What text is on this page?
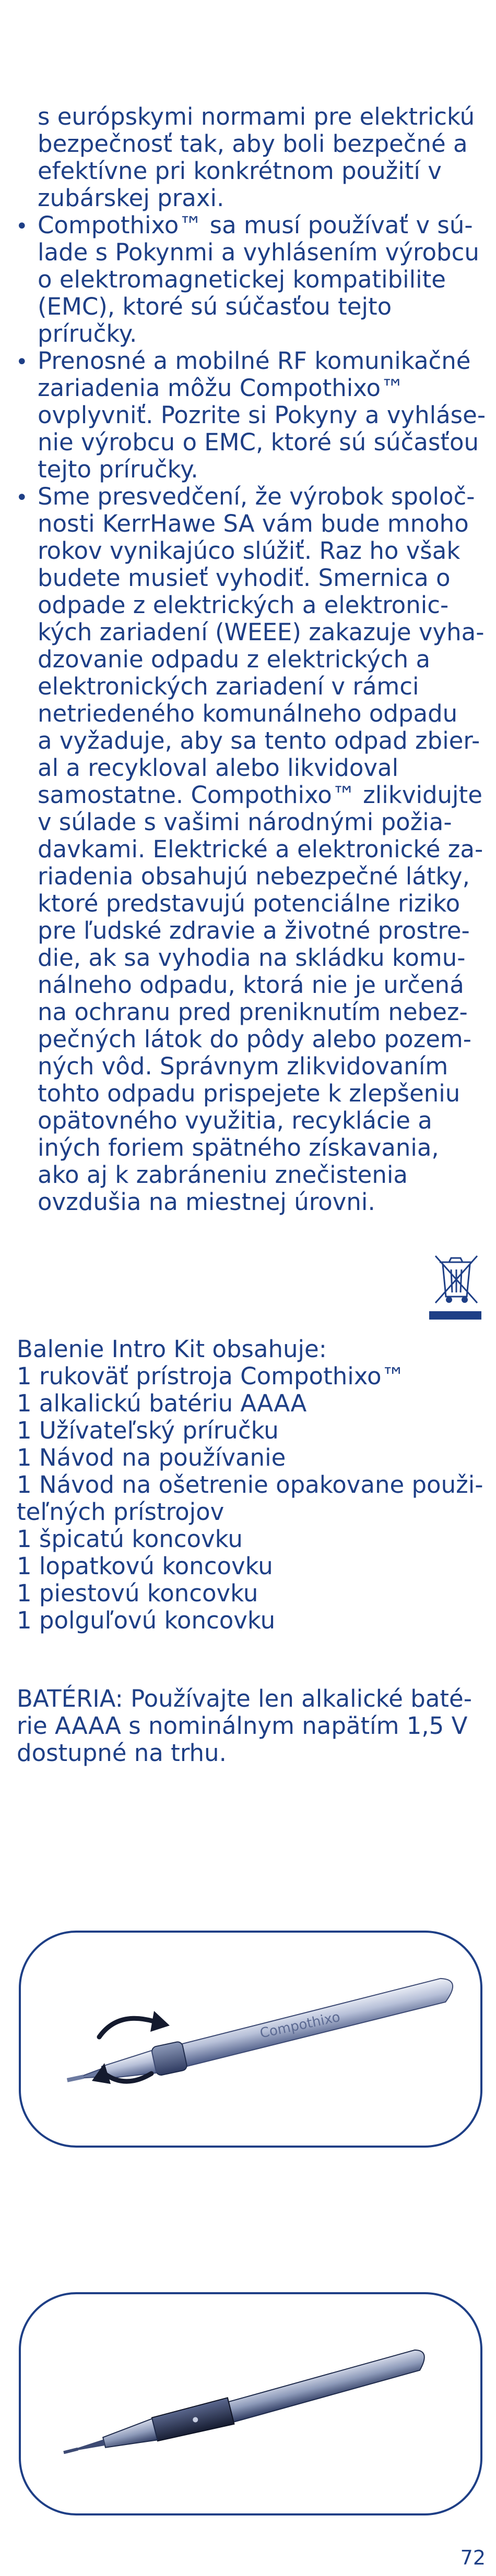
s európskymi normami pre elektrickú
bezpečnosť tak, aby boli bezpečné a
efektívne pri konkrétnom použití v
zubárskej praxi.
• Compothixo™ sa musí používať v sú-
lade s Pokynmi a vyhlásením výrobcu
o elektromagnetickej kompatibilite
(EMC), ktoré sú súčasťou tejto
príručky.
• Prenosné a mobilné RF komunikačné
zariadenia môžu Compothixo™
ovplyvniť. Pozrite si Pokyny a vyhláse-
nie výrobcu o EMC, ktoré sú súčasťou
tejto príručky.
• Sme presvedčení, že výrobok spoloč-
nosti KerrHawe SA vám bude mnoho
rokov vynikajúco slúžiť. Raz ho však
budete musieť vyhodiť. Smernica o
odpade z elektrických a elektronic-
kých zariadení (WEEE) zakazuje vyha-
dzovanie odpadu z elektrických a
elektronických zariadení v rámci
netriedeného komunálneho odpadu
a vyžaduje, aby sa tento odpad zbier-
al a recykloval alebo likvidoval
samostatne. Compothixo™ zlikvidujte
v súlade s vašimi národnými požia-
davkami. Elektrické a elektronické za-
riadenia obsahujú nebezpečné látky,
ktoré predstavujú potenciálne riziko
pre ľudské zdravie a životné prostre-
die, ak sa vyhodia na skládku komu-
nálneho odpadu, ktorá nie je určená
na ochranu pred preniknutím nebez-
pečných látok do pôdy alebo pozem-
ných vôd. Správnym zlikvidovaním
tohto odpadu prispejete k zlepšeniu
opätovného využitia, recyklácie a
iných foriem spätného získavania,
ako aj k zabráneniu znečistenia
ovzdušia na miestnej úrovni.
Balenie Intro Kit obsahuje:
1 rukoväť prístroja Compothixo™
1 alkalickú batériu AAAA
1 Užívateľský príručku
1 Návod na používanie
1 Návod na ošetrenie opakovane použi-
teľných prístrojov
1 špicatú koncovku
1 lopatkovú koncovku
1 piestovú koncovku
1 polguľovú koncovku
BATÉRIA: Používajte len alkalické baté-
rie AAAA s nominálnym napätím 1,5 V
dostupné na trhu.
Compothixo
72
